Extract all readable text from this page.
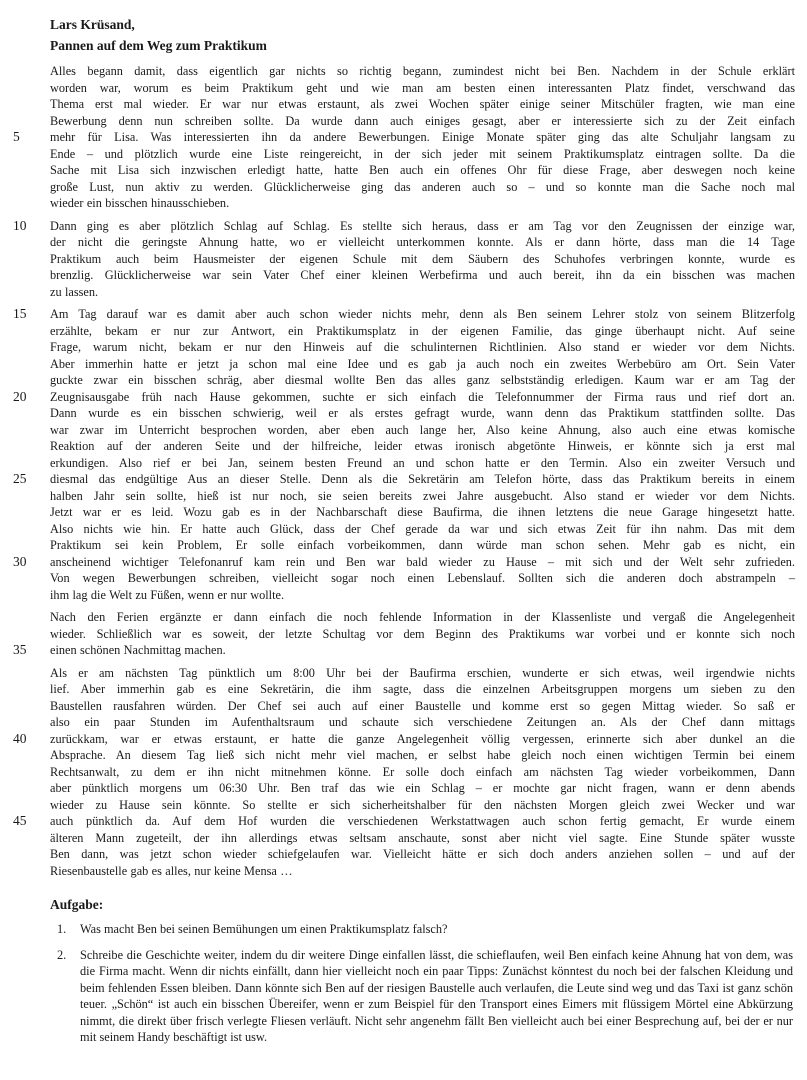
Lars Krüsand,
Pannen auf dem Weg zum Praktikum
Alles begann damit, dass eigentlich gar nichts so richtig begann, zumindest nicht bei Ben. Nachdem in der Schule erklärt
worden war, worum es beim Praktikum geht und wie man am besten einen interessanten Platz findet, verschwand das
Thema erst mal wieder. Er war nur etwas erstaunt, als zwei Wochen später einige seiner Mitschüler fragten, wie man eine
Bewerbung denn nun schreiben sollte. Da wurde dann auch einiges gesagt, aber er interessierte sich zu der Zeit einfach
5	mehr für Lisa. Was interessierten ihn da andere Bewerbungen. Einige Monate später ging das alte Schuljahr langsam zu
Ende – und plötzlich wurde eine Liste reingereicht, in der sich jeder mit seinem Praktikumsplatz eintragen sollte. Da die
Sache mit Lisa sich inzwischen erledigt hatte, hatte Ben auch ein offenes Ohr für diese Frage, aber deswegen noch keine
große Lust, nun aktiv zu werden. Glücklicherweise ging das anderen auch so – und so konnte man die Sache noch mal
wieder ein bisschen hinausschieben.
10	Dann ging es aber plötzlich Schlag auf Schlag. Es stellte sich heraus, dass er am Tag vor den Zeugnissen der einzige war,
der nicht die geringste Ahnung hatte, wo er vielleicht unterkommen konnte. Als er dann hörte, dass man die 14 Tage
Praktikum auch beim Hausmeister der eigenen Schule mit dem Säubern des Schuhofes verbringen konnte, wurde es
brenzlig. Glücklicherweise war sein Vater Chef einer kleinen Werbefirma und auch bereit, ihn da ein bisschen was machen
zu lassen.
15	Am Tag darauf war es damit aber auch schon wieder nichts mehr, denn als Ben seinem Lehrer stolz von seinem Blitzerfolg
erzählte, bekam er nur zur Antwort, ein Praktikumsplatz in der eigenen Familie, das ginge überhaupt nicht. Auf seine
Frage, warum nicht, bekam er nur den Hinweis auf die schulinternen Richtlinien. Also stand er wieder vor dem Nichts.
Aber immerhin hatte er jetzt ja schon mal eine Idee und es gab ja auch noch ein zweites Werbebüro am Ort. Sein Vater
guckte zwar ein bisschen schräg, aber diesmal wollte Ben das alles ganz selbstständig erledigen. Kaum war er am Tag der
20	Zeugnisausgabe früh nach Hause gekommen, suchte er sich einfach die Telefonnummer der Firma raus und rief dort an.
Dann wurde es ein bisschen schwierig, weil er als erstes gefragt wurde, wann denn das Praktikum stattfinden sollte. Das
war zwar im Unterricht besprochen worden, aber eben auch lange her, Also keine Ahnung, also auch eine etwas komische
Reaktion auf der anderen Seite und der hilfreiche, leider etwas ironisch abgetönte Hinweis, er könnte sich ja erst mal
erkundigen. Also rief er bei Jan, seinem besten Freund an und schon hatte er den Termin. Also ein zweiter Versuch und
25	diesmal das endgültige Aus an dieser Stelle. Denn als die Sekretärin am Telefon hörte, dass das Praktikum bereits in einem
halben Jahr sein sollte, hieß ist nur noch, sie seien bereits zwei Jahre ausgebucht. Also stand er wieder vor dem Nichts.
Jetzt war er es leid. Wozu gab es in der Nachbarschaft diese Baufirma, die ihnen letztens die neue Garage hingesetzt hatte.
Also nichts wie hin. Er hatte auch Glück, dass der Chef gerade da war und sich etwas Zeit für ihn nahm. Das mit dem
Praktikum sei kein Problem, Er solle einfach vorbeikommen, dann würde man schon sehen. Mehr gab es nicht, ein
30	anscheinend wichtiger Telefonanruf kam rein und Ben war bald wieder zu Hause – mit sich und der Welt sehr zufrieden.
Von wegen Bewerbungen schreiben, vielleicht sogar noch einen Lebenslauf. Sollten sich die anderen doch abstrampeln –
ihm lag die Welt zu Füßen, wenn er nur wollte.
Nach den Ferien ergänzte er dann einfach die noch fehlende Information in der Klassenliste und vergaß die Angelegenheit
wieder. Schließlich war es soweit, der letzte Schultag vor dem Beginn des Praktikums war vorbei und er konnte sich noch
35	einen schönen Nachmittag machen.
Als er am nächsten Tag pünktlich um 8:00 Uhr bei der Baufirma erschien, wunderte er sich etwas, weil irgendwie nichts
lief. Aber immerhin gab es eine Sekretärin, die ihm sagte, dass die einzelnen Arbeitsgruppen morgens um sieben zu den
Baustellen rausfahren würden. Der Chef sei auch auf einer Baustelle und komme erst so gegen Mittag wieder. So saß er
also ein paar Stunden im Aufenthaltsraum und schaute sich verschiedene Zeitungen an. Als der Chef dann mittags
40	zurückkam, war er etwas erstaunt, er hatte die ganze Angelegenheit völlig vergessen, erinnerte sich aber dunkel an die
Absprache. An diesem Tag ließ sich nicht mehr viel machen, er selbst habe gleich noch einen wichtigen Termin bei einem
Rechtsanwalt, zu dem er ihn nicht mitnehmen könne. Er solle doch einfach am nächsten Tag wieder vorbeikommen, Dann
aber pünktlich morgens um 06:30 Uhr. Ben traf das wie ein Schlag – er mochte gar nicht fragen, wann er denn abends
wieder zu Hause sein könnte. So stellte er sich sicherheitshalber für den nächsten Morgen gleich zwei Wecker und war
45	auch pünktlich da. Auf dem Hof wurden die verschiedenen Werkstattwagen auch schon fertig gemacht, Er wurde einem
älteren Mann zugeteilt, der ihn allerdings etwas seltsam anschaute, sonst aber nicht viel sagte. Eine Stunde später wusste
Ben dann, was jetzt schon wieder schiefgelaufen war. Vielleicht hätte er sich doch anders anziehen sollen – und auf der
Riesenbaustelle gab es alles, nur keine Mensa …
Aufgabe:
1.	Was macht Ben bei seinen Bemühungen um einen Praktikumsplatz falsch?
2.	Schreibe die Geschichte weiter, indem du dir weitere Dinge einfallen lässt, die schieflaufen, weil Ben einfach keine Ahnung hat von dem, was die Firma macht. Wenn dir nichts einfällt, dann hier vielleicht noch ein paar Tipps: Zunächst könntest du noch bei der falschen Kleidung und beim fehlenden Essen bleiben. Dann könnte sich Ben auf der riesigen Baustelle auch verlaufen, die Leute sind weg und das Taxi ist ganz schön teuer. „Schön“ ist auch ein bisschen Übereifer, wenn er zum Beispiel für den Transport eines Eimers mit flüssigem Mörtel eine Abkürzung nimmt, die direkt über frisch verlegte Fliesen verläuft. Nicht sehr angenehm fällt Ben vielleicht auch bei einer Besprechung auf, bei der er nur mit seinem Handy beschäftigt ist usw.
